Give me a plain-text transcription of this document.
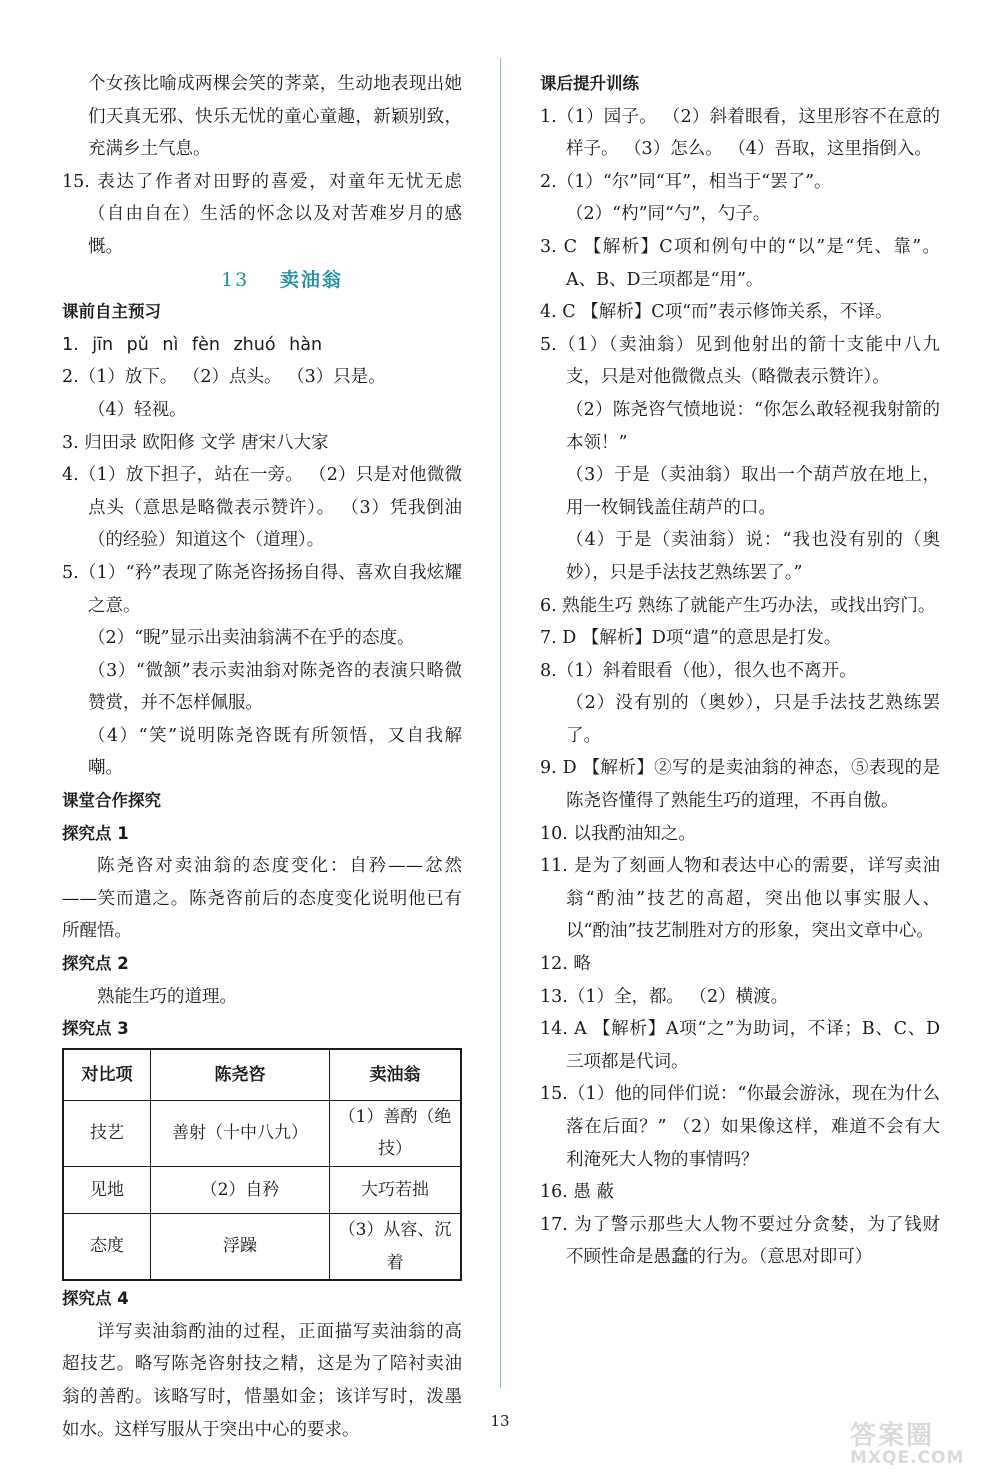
个女孩比喻成两棵会笑的荠菜，生动地表现出她们天真无邪、快乐无忧的童心童趣，新颖别致，充满乡土气息。

15. 表达了作者对田野的喜爱，对童年无忧无虑（自由自在）生活的怀念以及对苦难岁月的感慨。

13 卖油翁

课前自主预习

1. jīn pǔ nì fèn zhuó hàn

2.（1）放下。 （2）点头。 （3）只是。

（4）轻视。

3. 归田录 欧阳修 文学 唐宋八大家

4.（1）放下担子，站在一旁。 （2）只是对他微微点头（意思是略微表示赞许）。 （3）凭我倒油（的经验）知道这个（道理）。

5.（1）“矜”表现了陈尧咨扬扬自得、喜欢自我炫耀之意。

（2）“睨”显示出卖油翁满不在乎的态度。

（3）“微颔”表示卖油翁对陈尧咨的表演只略微赞赏，并不怎样佩服。

（4）“笑”说明陈尧咨既有所领悟，又自我解嘲。

课堂合作探究

探究点 1

陈尧咨对卖油翁的态度变化：自矜——忿然——笑而遣之。陈尧咨前后的态度变化说明他已有所醒悟。

探究点 2

熟能生巧的道理。

探究点 3

对比项	陈尧咨	卖油翁
技艺	善射（十中八九）	（1）善酌（绝技）
见地	（2）自矜	大巧若拙
态度	浮躁	（3）从容、沉着

探究点 4

详写卖油翁酌油的过程，正面描写卖油翁的高超技艺。略写陈尧咨射技之精，这是为了陪衬卖油翁的善酌。该略写时，惜墨如金；该详写时，泼墨如水。这样写服从于突出中心的要求。

课后提升训练

1.（1）园子。 （2）斜着眼看，这里形容不在意的样子。 （3）怎么。 （4）吾取，这里指倒入。

2.（1）“尔”同“耳”，相当于“罢了”。

（2）“杓”同“勺”，勺子。

3. C 【解析】C项和例句中的“以”是“凭、靠”。A、B、D三项都是“用”。

4. C 【解析】C项“而”表示修饰关系，不译。

5.（1）（卖油翁）见到他射出的箭十支能中八九支，只是对他微微点头（略微表示赞许）。

（2）陈尧咨气愤地说：“你怎么敢轻视我射箭的本领！”

（3）于是（卖油翁）取出一个葫芦放在地上，用一枚铜钱盖住葫芦的口。

（4）于是（卖油翁）说：“我也没有别的（奥妙），只是手法技艺熟练罢了。”

6. 熟能生巧 熟练了就能产生巧办法，或找出窍门。

7. D 【解析】D项“遣”的意思是打发。

8.（1）斜着眼看（他），很久也不离开。

（2）没有别的（奥妙），只是手法技艺熟练罢了。

9. D 【解析】②写的是卖油翁的神态，⑤表现的是陈尧咨懂得了熟能生巧的道理，不再自傲。

10. 以我酌油知之。

11. 是为了刻画人物和表达中心的需要，详写卖油翁“酌油”技艺的高超，突出他以事实服人、以“酌油”技艺制胜对方的形象，突出文章中心。

12. 略

13.（1）全，都。 （2）横渡。

14. A 【解析】A项“之”为助词，不译；B、C、D三项都是代词。

15.（1）他的同伴们说：“你最会游泳，现在为什么落在后面？” （2）如果像这样，难道不会有大利淹死大人物的事情吗？

16. 愚 蔽

17. 为了警示那些大人物不要过分贪婪，为了钱财不顾性命是愚蠢的行为。（意思对即可）

13	答案圈
MXQE.COM
